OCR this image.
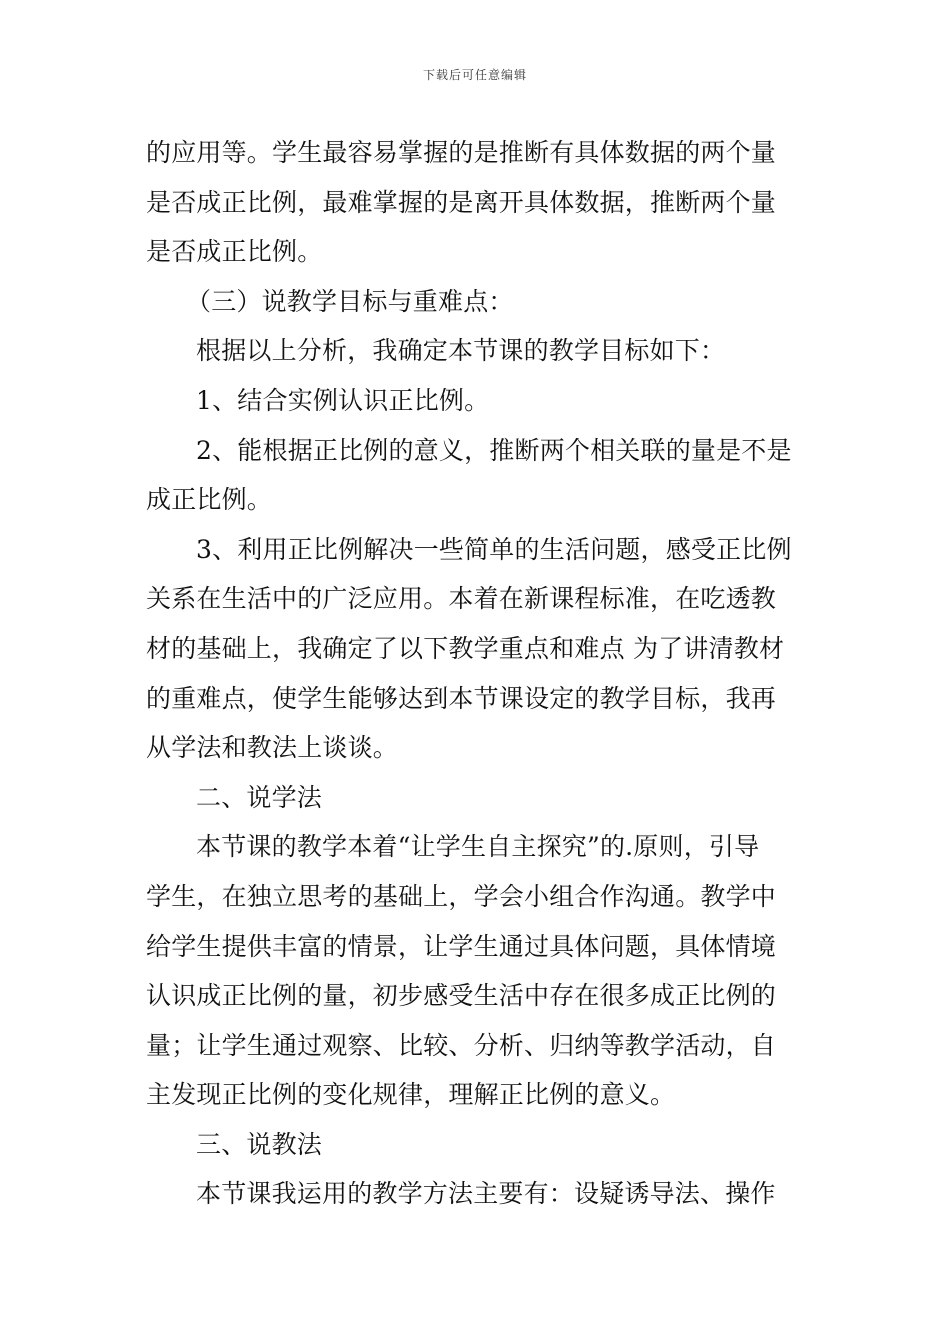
下载后可任意编辑
的应用等。学生最容易掌握的是推断有具体数据的两个量
是否成正比例，最难掌握的是离开具体数据，推断两个量
是否成正比例。
（三）说教学目标与重难点：
根据以上分析，我确定本节课的教学目标如下：
1、结合实例认识正比例。
2、能根据正比例的意义，推断两个相关联的量是不是
成正比例。
3、利用正比例解决一些简单的生活问题，感受正比例
关系在生活中的广泛应用。本着在新课程标准，在吃透教
材的基础上，我确定了以下教学重点和难点 为了讲清教材
的重难点，使学生能够达到本节课设定的教学目标，我再
从学法和教法上谈谈。
二、说学法
本节课的教学本着“让学生自主探究”的.原则，引导
学生，在独立思考的基础上，学会小组合作沟通。教学中
给学生提供丰富的情景，让学生通过具体问题，具体情境
认识成正比例的量，初步感受生活中存在很多成正比例的
量；让学生通过观察、比较、分析、归纳等教学活动，自
主发现正比例的变化规律，理解正比例的意义。
三、说教法
本节课我运用的教学方法主要有：设疑诱导法、操作
